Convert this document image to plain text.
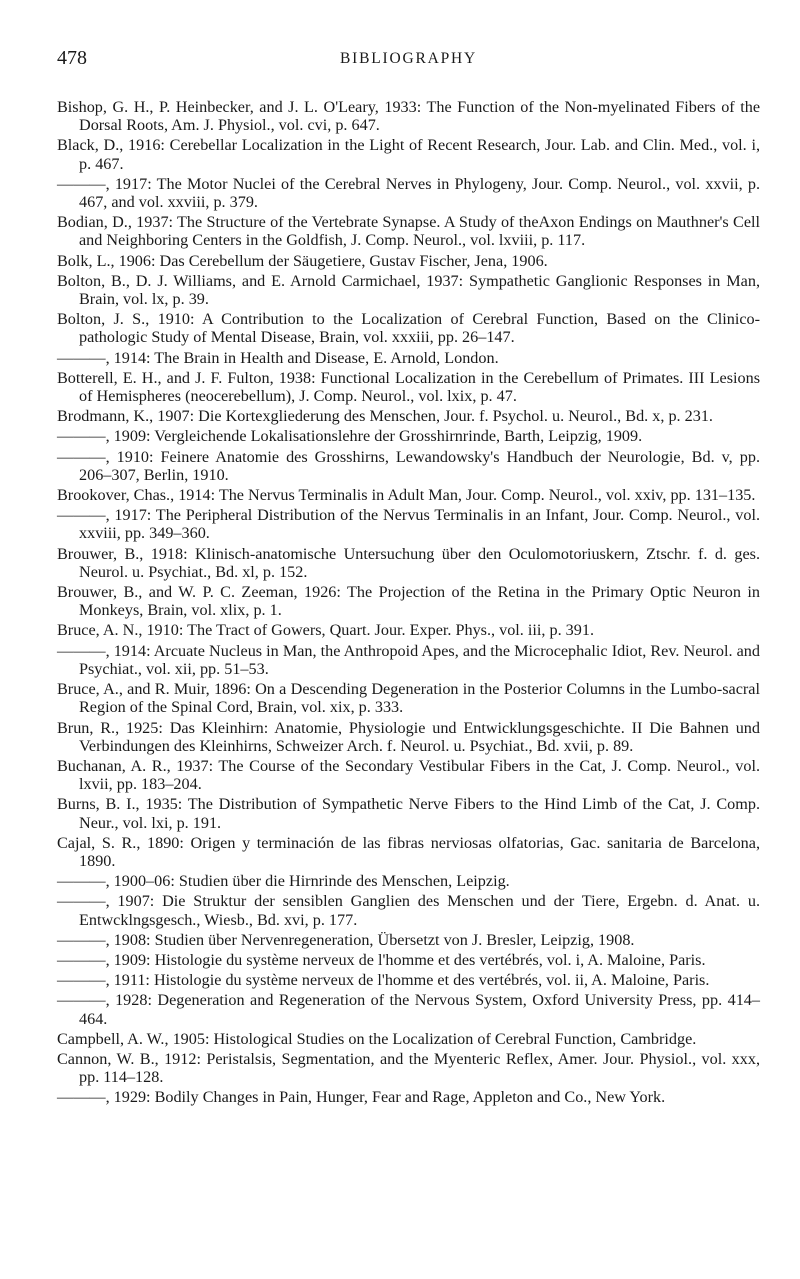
478	BIBLIOGRAPHY

Bishop, G. H., P. Heinbecker, and J. L. O'Leary, 1933: The Function of the Non-myelinated Fibers of the Dorsal Roots, Am. J. Physiol., vol. cvi, p. 647.

Black, D., 1916: Cerebellar Localization in the Light of Recent Research, Jour. Lab. and Clin. Med., vol. i, p. 467.

———, 1917: The Motor Nuclei of the Cerebral Nerves in Phylogeny, Jour. Comp. Neurol., vol. xxvii, p. 467, and vol. xxviii, p. 379.

Bodian, D., 1937: The Structure of the Vertebrate Synapse. A Study of theAxon Endings on Mauthner's Cell and Neighboring Centers in the Goldfish, J. Comp. Neurol., vol. lxviii, p. 117.

Bolk, L., 1906: Das Cerebellum der Säugetiere, Gustav Fischer, Jena, 1906.

Bolton, B., D. J. Williams, and E. Arnold Carmichael, 1937: Sympathetic Ganglionic Responses in Man, Brain, vol. lx, p. 39.

Bolton, J. S., 1910: A Contribution to the Localization of Cerebral Function, Based on the Clinico-pathologic Study of Mental Disease, Brain, vol. xxxiii, pp. 26–147.

———, 1914: The Brain in Health and Disease, E. Arnold, London.

Botterell, E. H., and J. F. Fulton, 1938: Functional Localization in the Cerebellum of Primates. III Lesions of Hemispheres (neocerebellum), J. Comp. Neurol., vol. lxix, p. 47.

Brodmann, K., 1907: Die Kortexgliederung des Menschen, Jour. f. Psychol. u. Neurol., Bd. x, p. 231.

———, 1909: Vergleichende Lokalisationslehre der Grosshirnrinde, Barth, Leipzig, 1909.

———, 1910: Feinere Anatomie des Grosshirns, Lewandowsky's Handbuch der Neurologie, Bd. v, pp. 206–307, Berlin, 1910.

Brookover, Chas., 1914: The Nervus Terminalis in Adult Man, Jour. Comp. Neurol., vol. xxiv, pp. 131–135.

———, 1917: The Peripheral Distribution of the Nervus Terminalis in an Infant, Jour. Comp. Neurol., vol. xxviii, pp. 349–360.

Brouwer, B., 1918: Klinisch-anatomische Untersuchung über den Oculomotoriuskern, Ztschr. f. d. ges. Neurol. u. Psychiat., Bd. xl, p. 152.

Brouwer, B., and W. P. C. Zeeman, 1926: The Projection of the Retina in the Primary Optic Neuron in Monkeys, Brain, vol. xlix, p. 1.

Bruce, A. N., 1910: The Tract of Gowers, Quart. Jour. Exper. Phys., vol. iii, p. 391.

———, 1914: Arcuate Nucleus in Man, the Anthropoid Apes, and the Microcephalic Idiot, Rev. Neurol. and Psychiat., vol. xii, pp. 51–53.

Bruce, A., and R. Muir, 1896: On a Descending Degeneration in the Posterior Columns in the Lumbo-sacral Region of the Spinal Cord, Brain, vol. xix, p. 333.

Brun, R., 1925: Das Kleinhirn: Anatomie, Physiologie und Entwicklungsgeschichte. II Die Bahnen und Verbindungen des Kleinhirns, Schweizer Arch. f. Neurol. u. Psychiat., Bd. xvii, p. 89.

Buchanan, A. R., 1937: The Course of the Secondary Vestibular Fibers in the Cat, J. Comp. Neurol., vol. lxvii, pp. 183–204.

Burns, B. I., 1935: The Distribution of Sympathetic Nerve Fibers to the Hind Limb of the Cat, J. Comp. Neur., vol. lxi, p. 191.

Cajal, S. R., 1890: Origen y terminación de las fibras nerviosas olfatorias, Gac. sanitaria de Barcelona, 1890.

———, 1900–06: Studien über die Hirnrinde des Menschen, Leipzig.

———, 1907: Die Struktur der sensiblen Ganglien des Menschen und der Tiere, Ergebn. d. Anat. u. Entwcklngsgesch., Wiesb., Bd. xvi, p. 177.

———, 1908: Studien über Nervenregeneration, Übersetzt von J. Bresler, Leipzig, 1908.

———, 1909: Histologie du système nerveux de l'homme et des vertébrés, vol. i, A. Maloine, Paris.

———, 1911: Histologie du système nerveux de l'homme et des vertébrés, vol. ii, A. Maloine, Paris.

———, 1928: Degeneration and Regeneration of the Nervous System, Oxford University Press, pp. 414–464.

Campbell, A. W., 1905: Histological Studies on the Localization of Cerebral Function, Cambridge.

Cannon, W. B., 1912: Peristalsis, Segmentation, and the Myenteric Reflex, Amer. Jour. Physiol., vol. xxx, pp. 114–128.

———, 1929: Bodily Changes in Pain, Hunger, Fear and Rage, Appleton and Co., New York.
